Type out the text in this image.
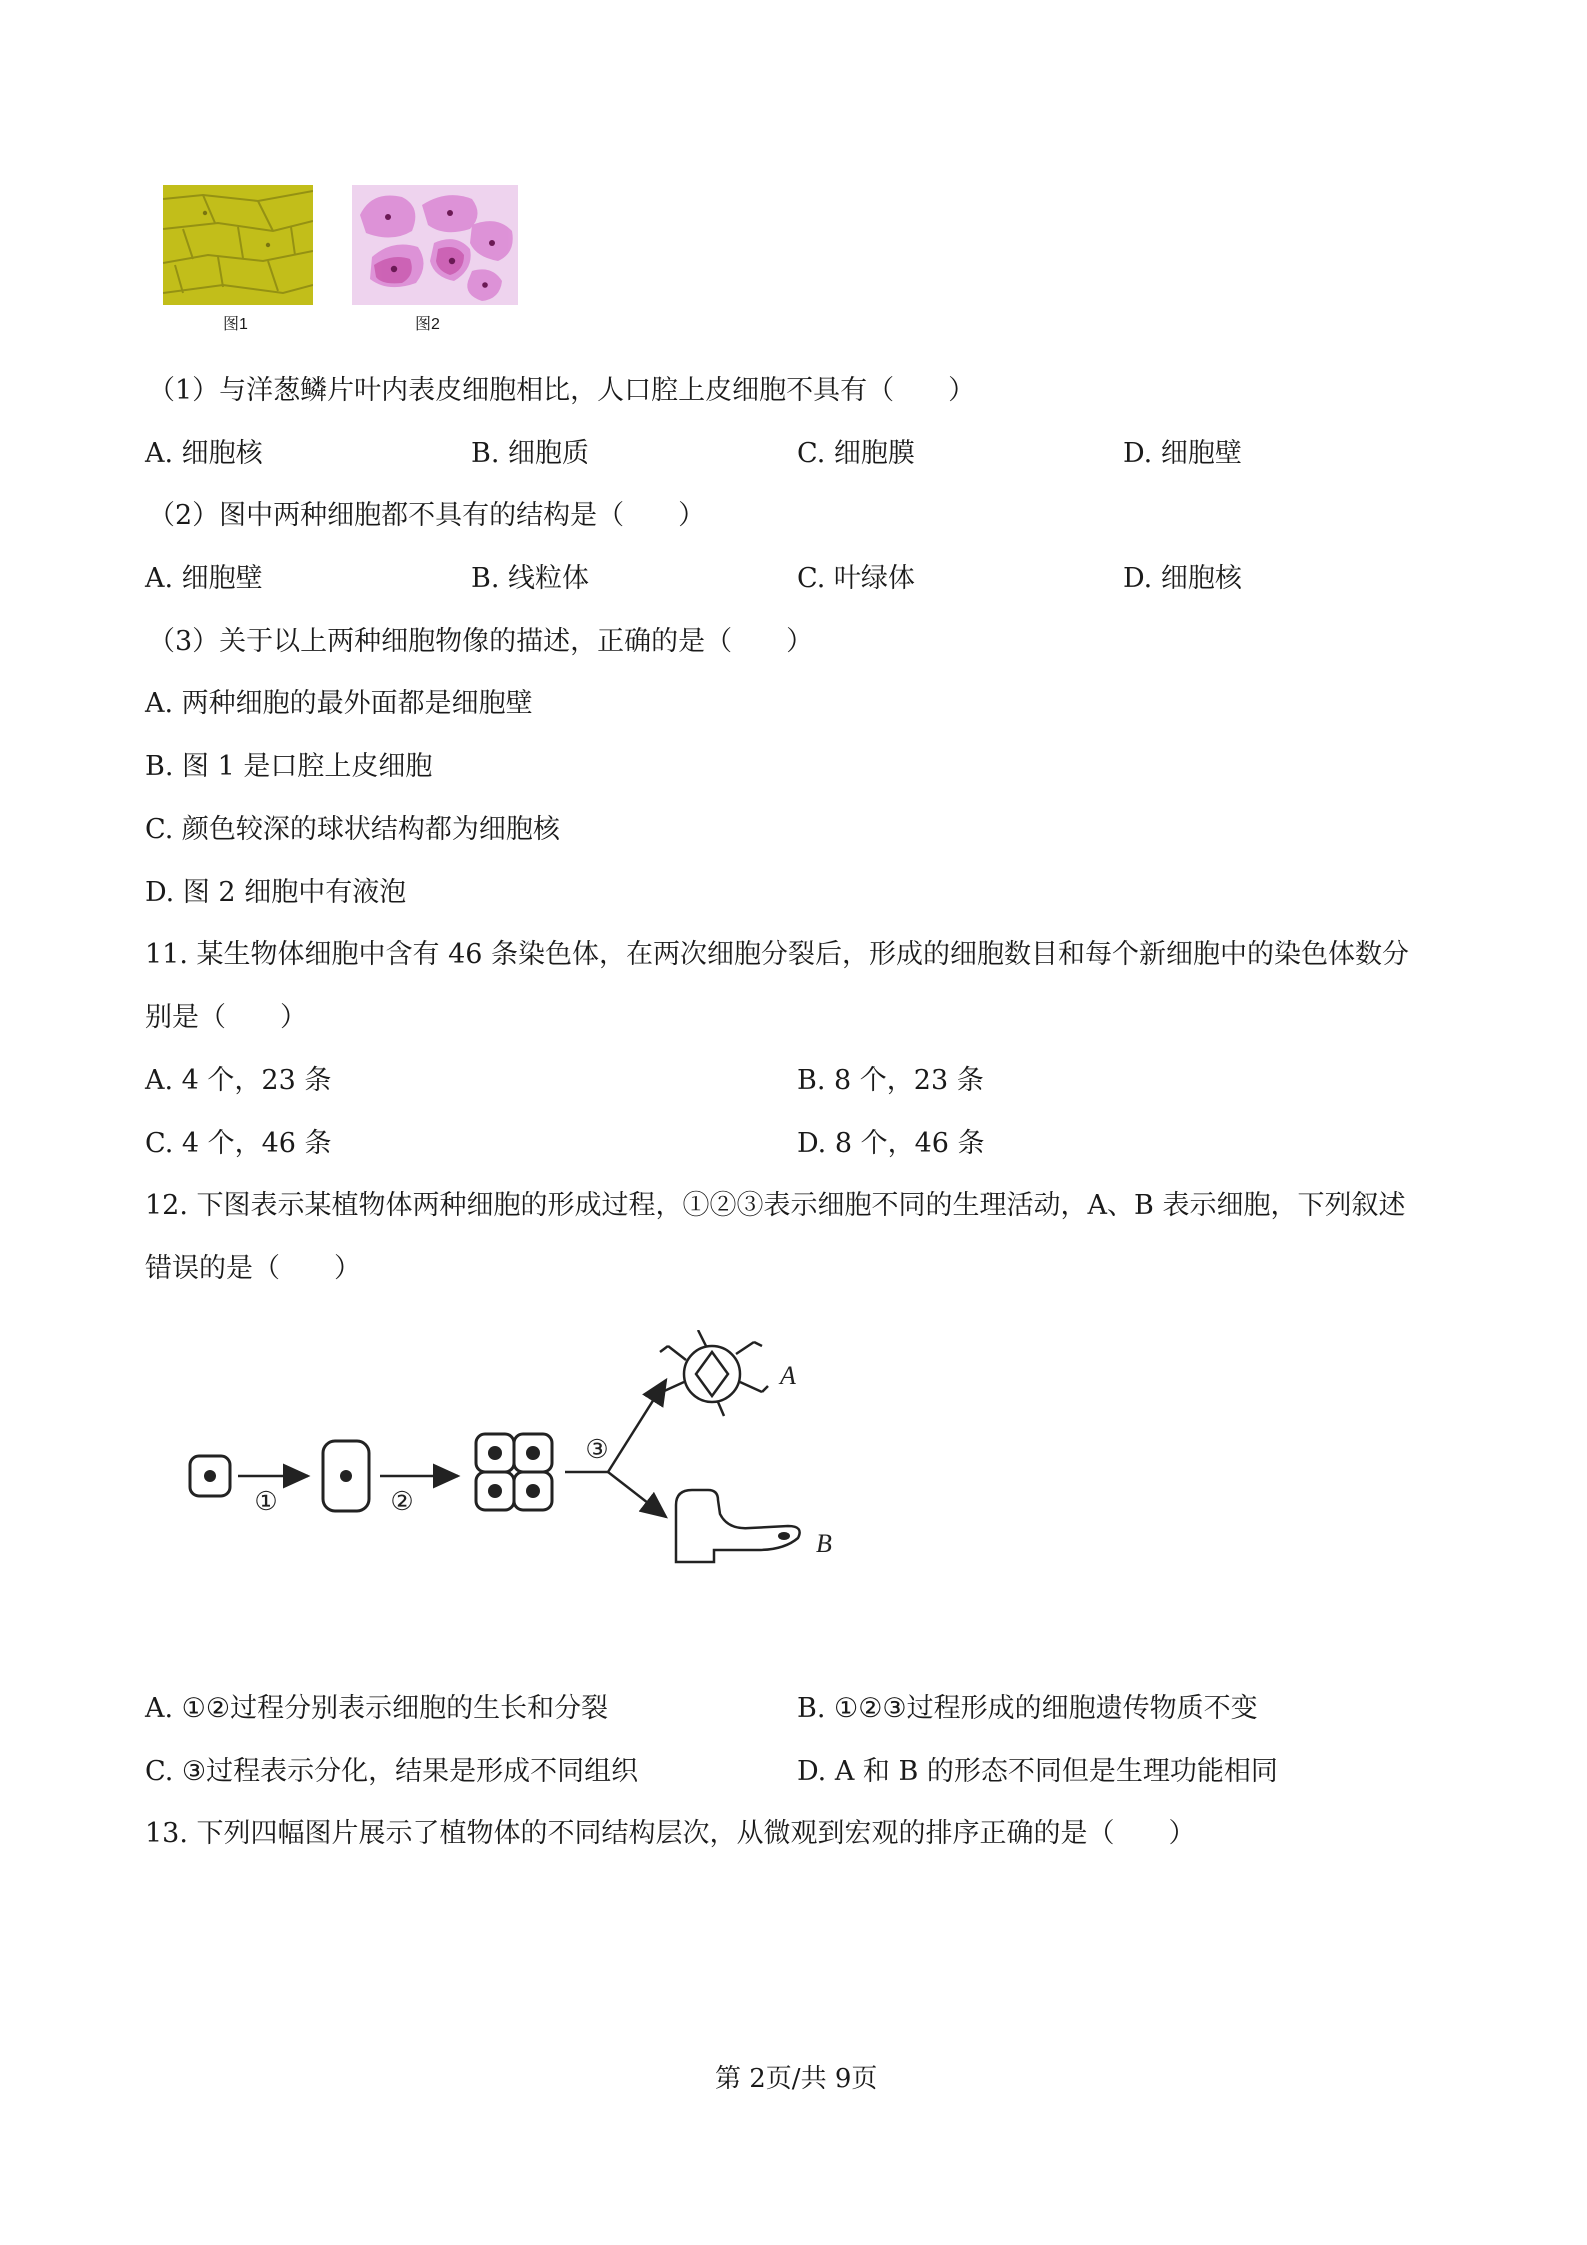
图1	图2
（1）与洋葱鳞片叶内表皮细胞相比，人口腔上皮细胞不具有（　　）
A. 细胞核	B. 细胞质	C. 细胞膜	D. 细胞壁
（2）图中两种细胞都不具有的结构是（　　）
A. 细胞壁	B. 线粒体	C. 叶绿体	D. 细胞核
（3）关于以上两种细胞物像的描述，正确的是（　　）
A. 两种细胞的最外面都是细胞壁
B. 图 1 是口腔上皮细胞
C. 颜色较深的球状结构都为细胞核
D. 图 2 细胞中有液泡
11. 某生物体细胞中含有 46 条染色体，在两次细胞分裂后，形成的细胞数目和每个新细胞中的染色体数分
别是（　　）
A. 4 个，23 条	B. 8 个，23 条
C. 4 个，46 条	D. 8 个，46 条
12. 下图表示某植物体两种细胞的形成过程，①②③表示细胞不同的生理活动，A、B 表示细胞，下列叙述
错误的是（　　）
①	②
③
A
B
A. ①②过程分别表示细胞的生长和分裂	B. ①②③过程形成的细胞遗传物质不变
C. ③过程表示分化，结果是形成不同组织	D. A 和 B 的形态不同但是生理功能相同
13. 下列四幅图片展示了植物体的不同结构层次，从微观到宏观的排序正确的是（　　）
第 2页/共 9页
